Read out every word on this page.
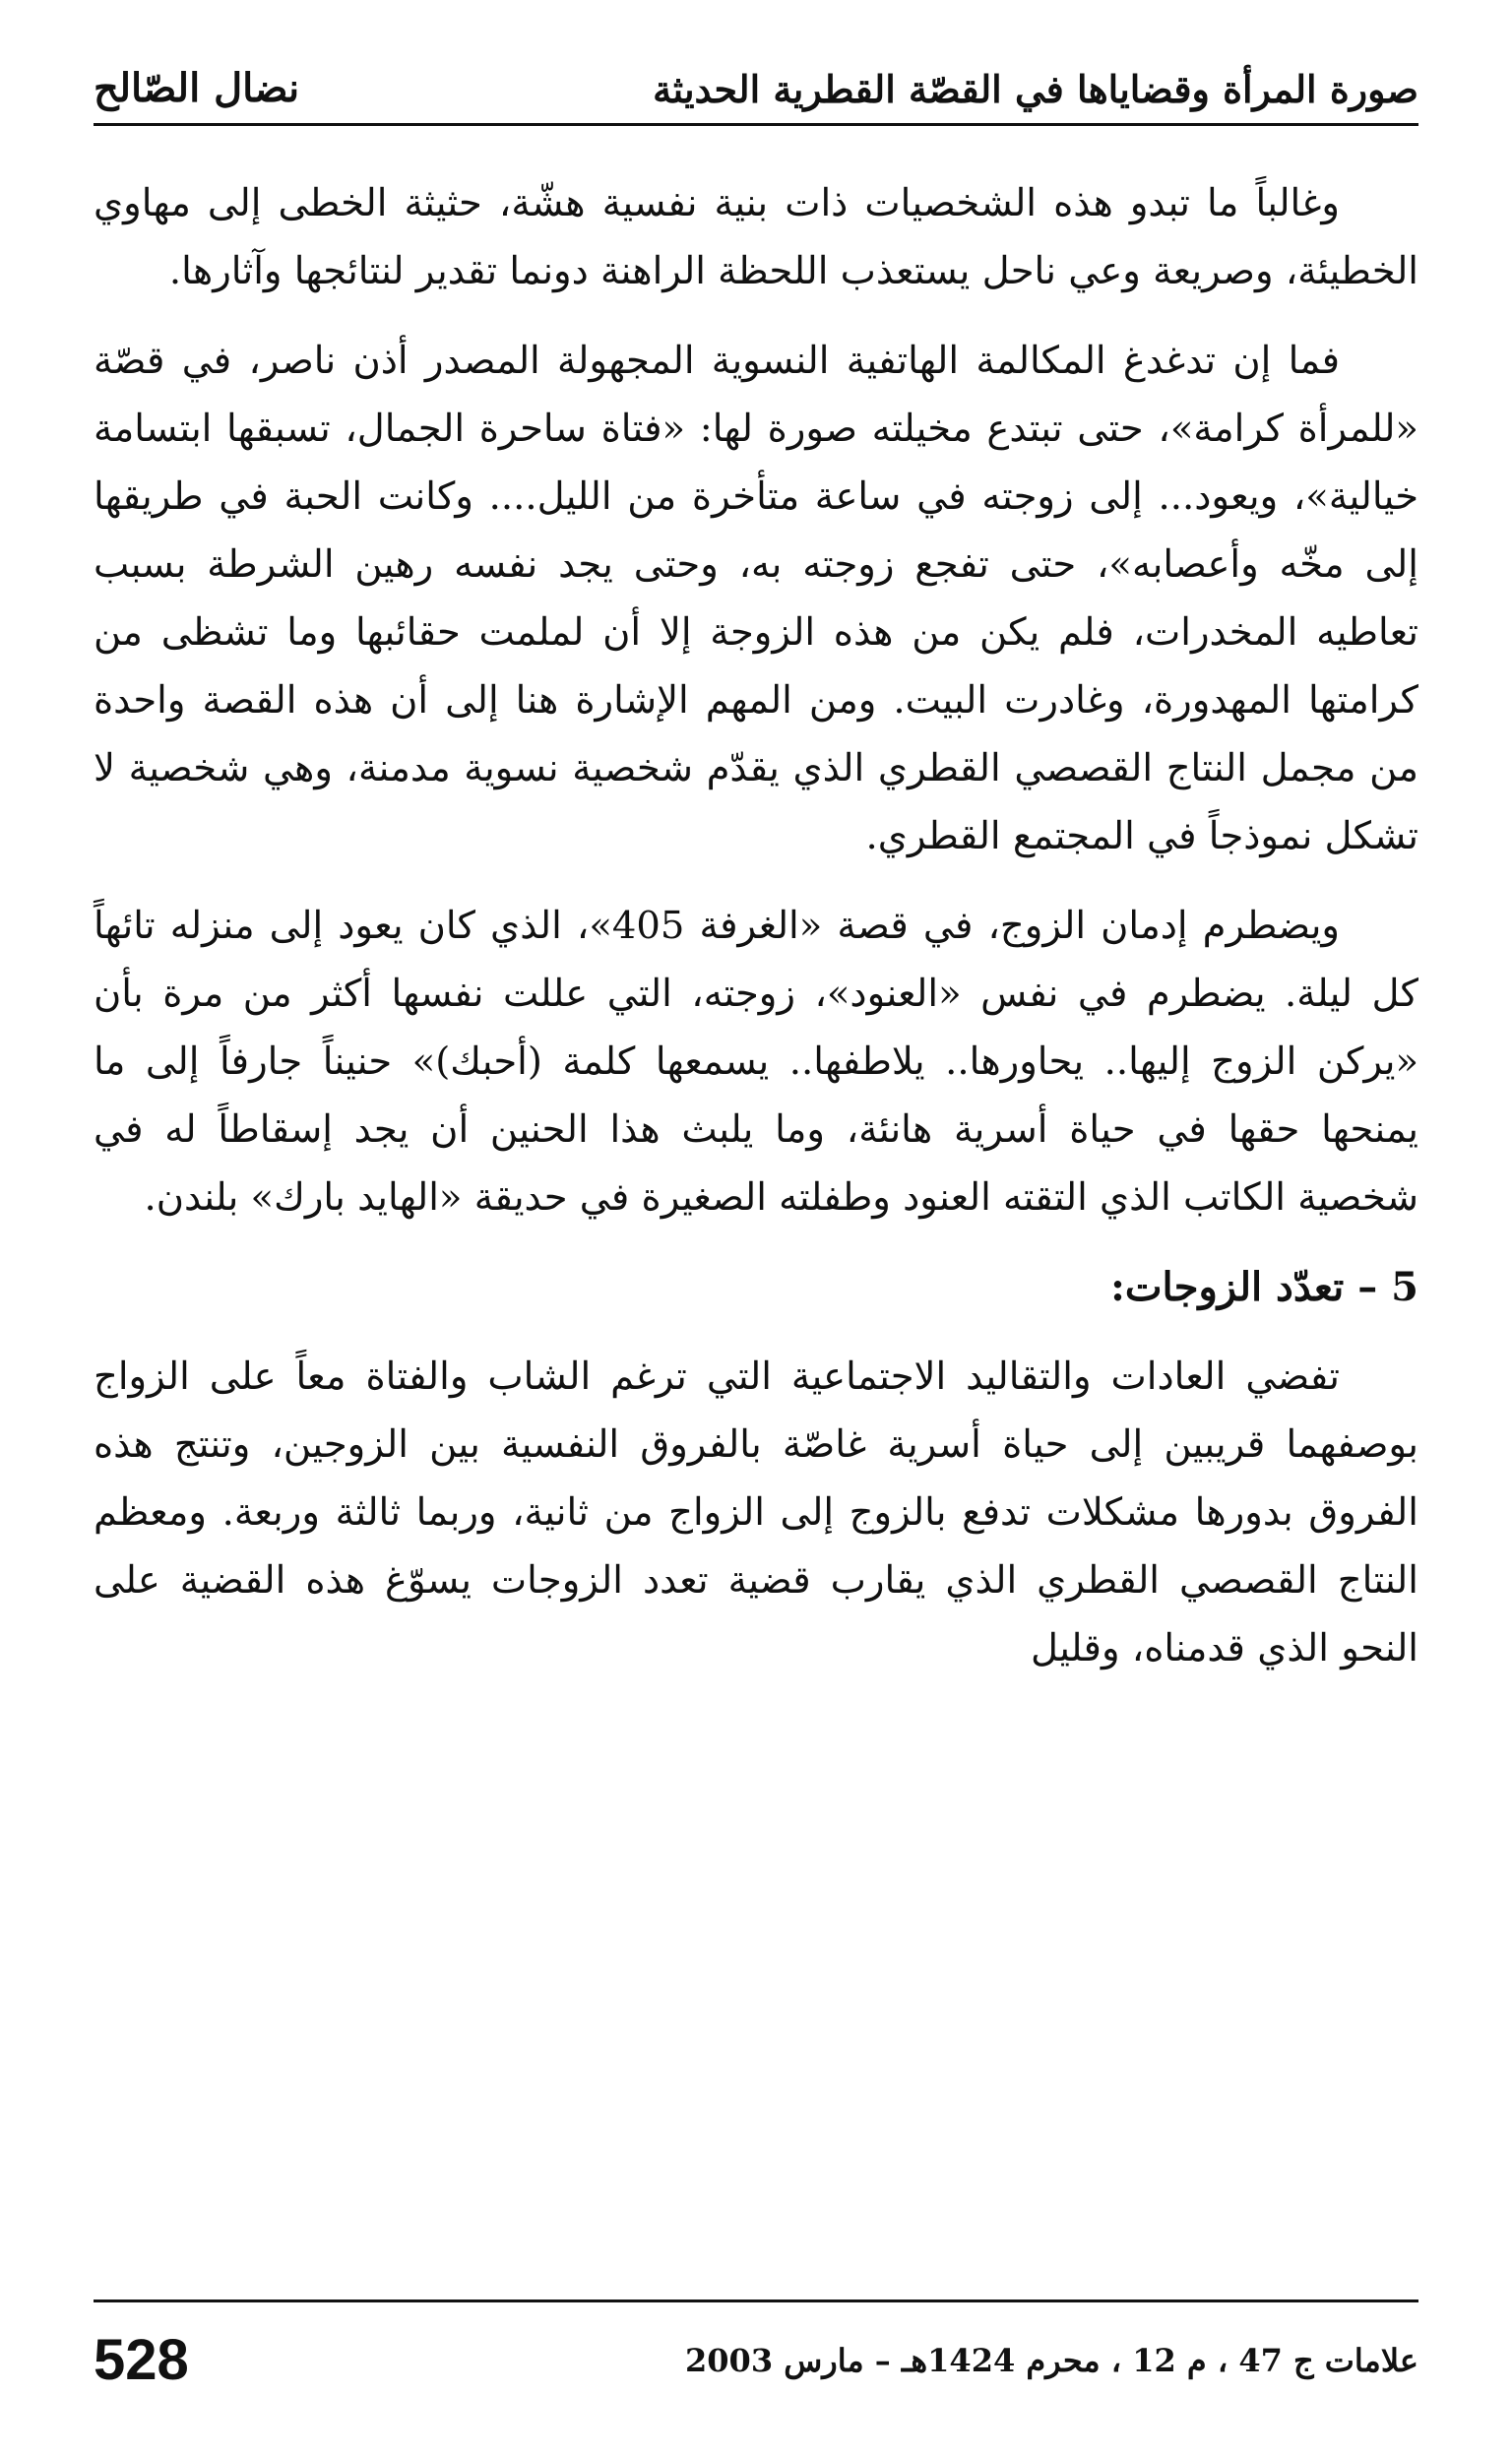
صورة المرأة وقضاياها في القصّة القطرية الحديثة
نضال الصّالح

وغالباً ما تبدو هذه الشخصيات ذات بنية نفسية هشّة، حثيثة الخطى إلى مهاوي الخطيئة، وصريعة وعي ناحل يستعذب اللحظة الراهنة دونما تقدير لنتائجها وآثارها.

فما إن تدغدغ المكالمة الهاتفية النسوية المجهولة المصدر أذن ناصر، في قصّة «للمرأة كرامة»، حتى تبتدع مخيلته صورة لها: «فتاة ساحرة الجمال، تسبقها ابتسامة خيالية»، ويعود... إلى زوجته في ساعة متأخرة من الليل.... وكانت الحبة في طريقها إلى مخّه وأعصابه»، حتى تفجع زوجته به، وحتى يجد نفسه رهين الشرطة بسبب تعاطيه المخدرات، فلم يكن من هذه الزوجة إلا أن لملمت حقائبها وما تشظى من كرامتها المهدورة، وغادرت البيت. ومن المهم الإشارة هنا إلى أن هذه القصة واحدة من مجمل النتاج القصصي القطري الذي يقدّم شخصية نسوية مدمنة، وهي شخصية لا تشكل نموذجاً في المجتمع القطري.

ويضطرم إدمان الزوج، في قصة «الغرفة 405»، الذي كان يعود إلى منزله تائهاً كل ليلة. يضطرم في نفس «العنود»، زوجته، التي عللت نفسها أكثر من مرة بأن «يركن الزوج إليها.. يحاورها.. يلاطفها.. يسمعها كلمة (أحبك)» حنيناً جارفاً إلى ما يمنحها حقها في حياة أسرية هانئة، وما يلبث هذا الحنين أن يجد إسقاطاً له في شخصية الكاتب الذي التقته العنود وطفلته الصغيرة في حديقة «الهايد بارك» بلندن.

5 – تعدّد الزوجات:

تفضي العادات والتقاليد الاجتماعية التي ترغم الشاب والفتاة معاً على الزواج بوصفهما قريبين إلى حياة أسرية غاصّة بالفروق النفسية بين الزوجين، وتنتج هذه الفروق بدورها مشكلات تدفع بالزوج إلى الزواج من ثانية، وربما ثالثة وربعة. ومعظم النتاج القصصي القطري الذي يقارب قضية تعدد الزوجات يسوّغ هذه القضية على النحو الذي قدمناه، وقليل

علامات ج 47 ، م 12 ، محرم 1424هـ – مارس 2003
528
